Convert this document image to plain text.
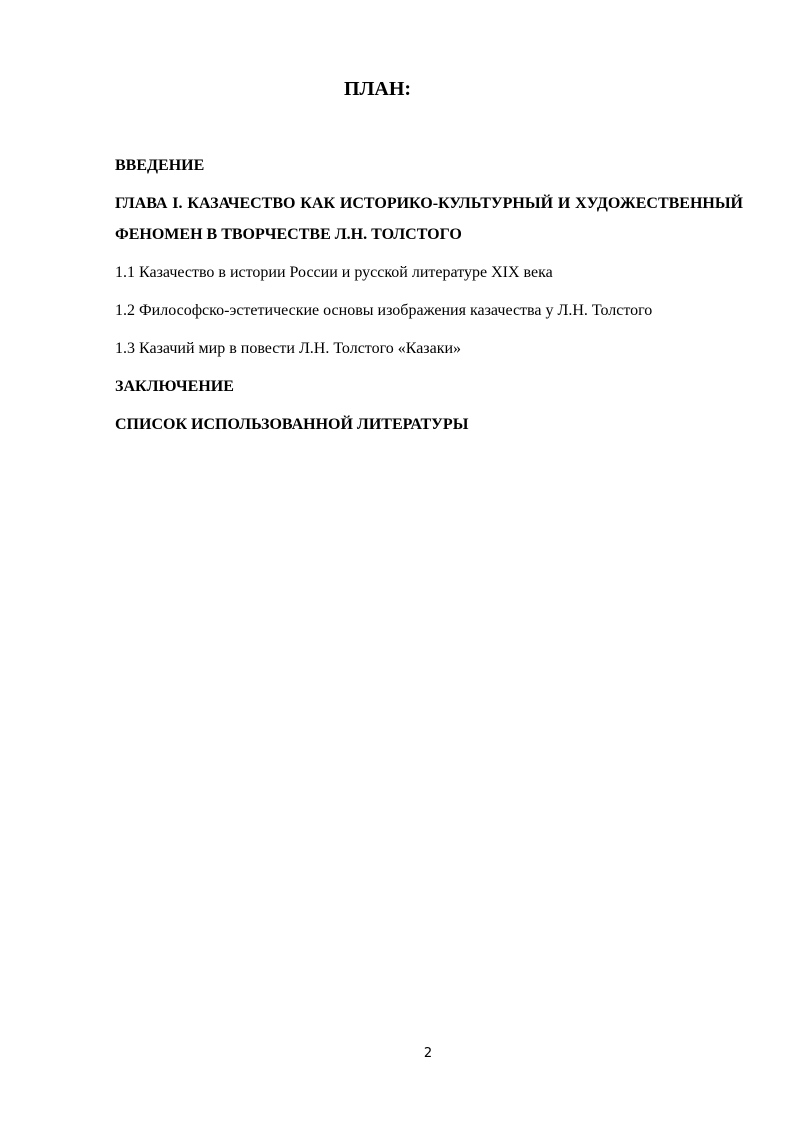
ПЛАН:
ВВЕДЕНИЕ
ГЛАВА I. КАЗАЧЕСТВО КАК ИСТОРИКО-КУЛЬТУРНЫЙ И ХУДОЖЕСТВЕННЫЙ ФЕНОМЕН В ТВОРЧЕСТВЕ Л.Н. ТОЛСТОГО
1.1 Казачество в истории России и русской литературе XIX века
1.2 Философско-эстетические основы изображения казачества у Л.Н. Толстого
1.3 Казачий мир в повести Л.Н. Толстого «Казаки»
ЗАКЛЮЧЕНИЕ
СПИСОК ИСПОЛЬЗОВАННОЙ ЛИТЕРАТУРЫ
2
